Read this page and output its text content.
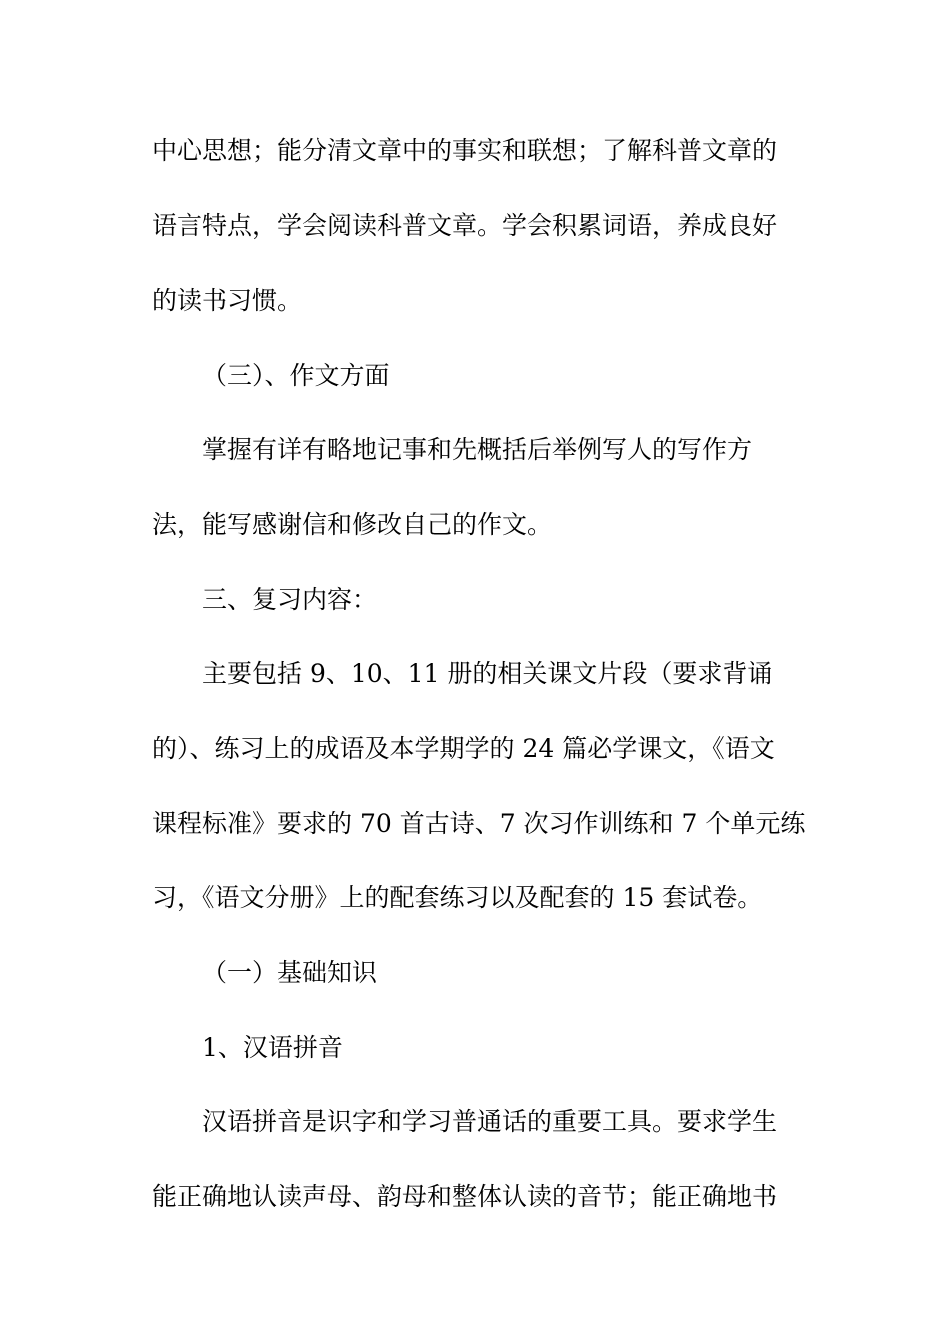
中心思想；能分清文章中的事实和联想；了解科普文章的
语言特点，学会阅读科普文章。学会积累词语，养成良好
的读书习惯。
（三）、作文方面
掌握有详有略地记事和先概括后举例写人的写作方
法，能写感谢信和修改自己的作文。
三、复习内容：
主要包括 9、10、11 册的相关课文片段（要求背诵
的）、练习上的成语及本学期学的 24 篇必学课文，《语文
课程标准》要求的 70 首古诗、7 次习作训练和 7 个单元练
习，《语文分册》上的配套练习以及配套的 15 套试卷。
（一）基础知识
1、汉语拼音
汉语拼音是识字和学习普通话的重要工具。要求学生
能正确地认读声母、韵母和整体认读的音节；能正确地书
